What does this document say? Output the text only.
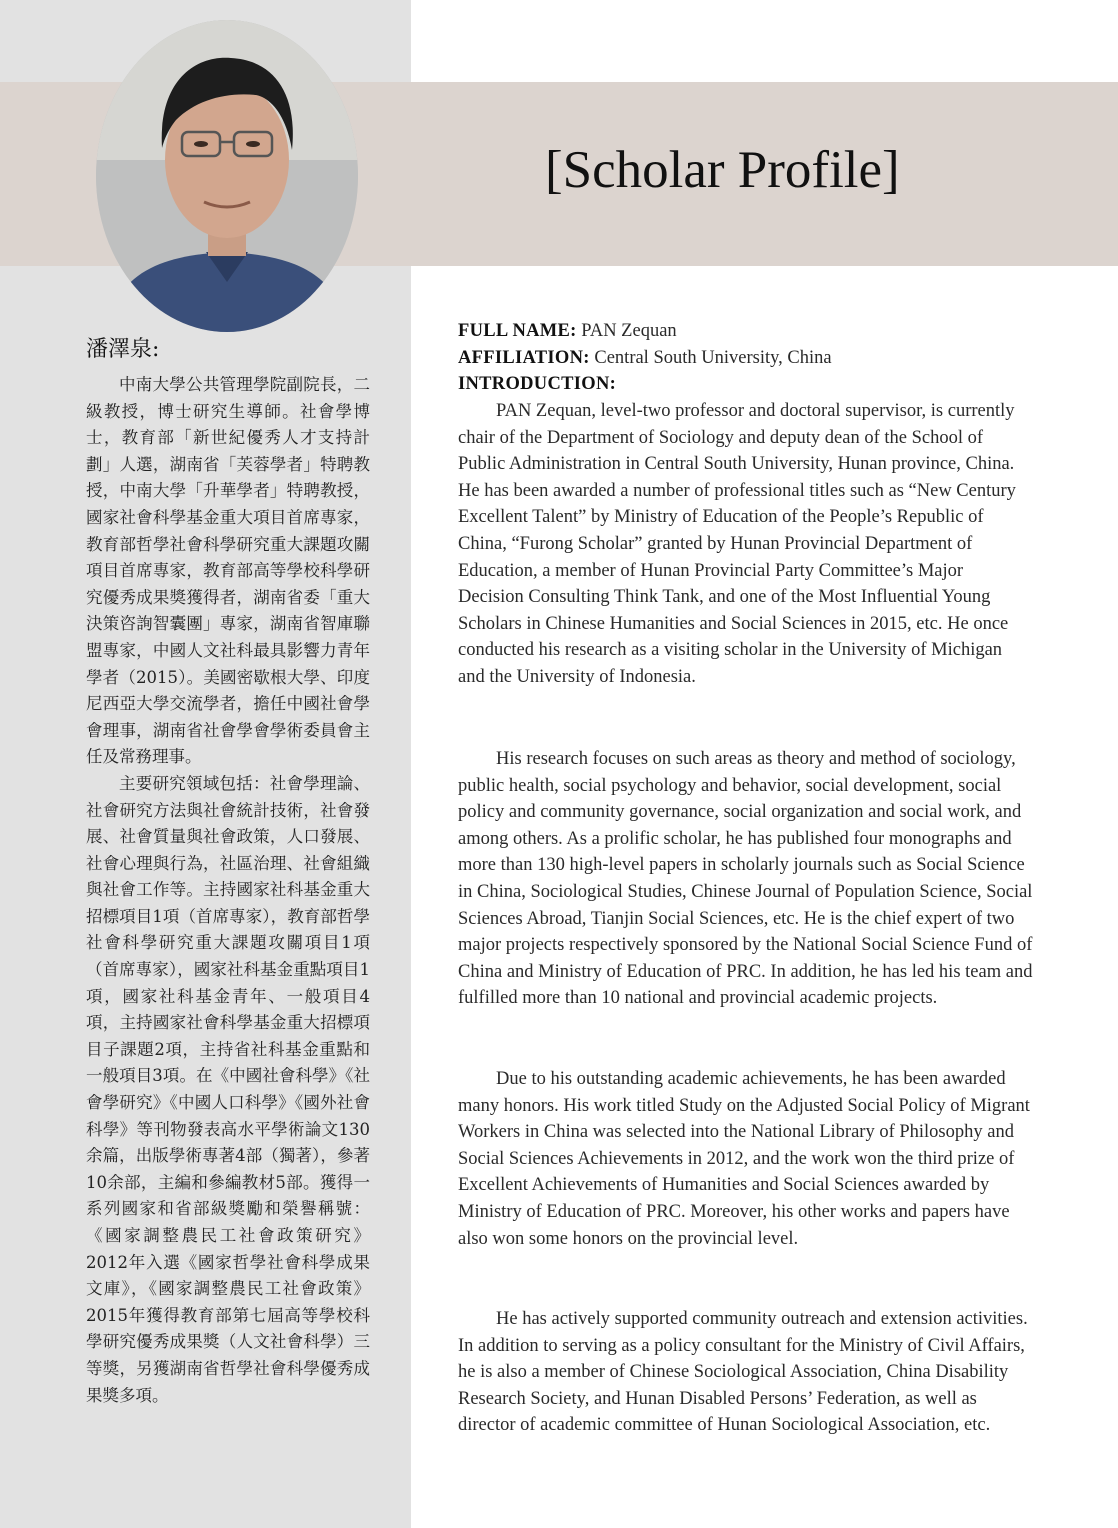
[Scholar Profile]
潘澤泉:

中南大學公共管理學院副院長，二級教授，博士研究生導師。社會學博士，教育部「新世紀優秀人才支持計劃」人選，湖南省「芙蓉學者」特聘教授，中南大學「升華學者」特聘教授，國家社會科學基金重大項目首席專家，教育部哲學社會科學研究重大課題攻關項目首席專家，教育部高等學校科學研究優秀成果獎獲得者，湖南省委「重大決策咨詢智囊團」專家，湖南省智庫聯盟專家，中國人文社科最具影響力青年學者（2015）。美國密歇根大學、印度尼西亞大學交流學者，擔任中國社會學會理事，湖南省社會學會學術委員會主任及常務理事。

主要研究領域包括：社會學理論、社會研究方法與社會統計技術，社會發展、社會質量與社會政策，人口發展、社會心理與行為，社區治理、社會組織與社會工作等。主持國家社科基金重大招標項目1項（首席專家），教育部哲學社會科學研究重大課題攻關項目1項（首席專家），國家社科基金重點項目1項，國家社科基金青年、一般項目4項，主持國家社會科學基金重大招標項目子課題2項，主持省社科基金重點和一般項目3項。在《中國社會科學》《社會學研究》《中國人口科學》《國外社會科學》等刊物發表高水平學術論文130余篇，出版學術專著4部（獨著），參著10余部，主編和參編教材5部。獲得一系列國家和省部級獎勵和榮譽稱號：《國家調整農民工社會政策研究》2012年入選《國家哲學社會科學成果文庫》，《國家調整農民工社會政策》2015年獲得教育部第七屆高等學校科學研究優秀成果獎（人文社會科學）三等獎，另獲湖南省哲學社會科學優秀成果獎多項。

FULL NAME: PAN Zequan

AFFILIATION: Central South University, China

INTRODUCTION:

PAN Zequan, level-two professor and doctoral supervisor, is currently chair of the Department of Sociology and deputy dean of the School of Public Administration in Central South University, Hunan province, China. He has been awarded a number of professional titles such as “New Century Excellent Talent” by Ministry of Education of the People’s Republic of China, “Furong Scholar” granted by Hunan Provincial Department of Education, a member of Hunan Provincial Party Committee’s Major Decision Consulting Think Tank, and one of the Most Influential Young Scholars in Chinese Humanities and Social Sciences in 2015, etc. He once conducted his research as a visiting scholar in the University of Michigan and the University of Indonesia.

His research focuses on such areas as theory and method of sociology, public health, social psychology and behavior, social development, social policy and community governance, social organization and social work, and among others. As a prolific scholar, he has published four monographs and more than 130 high-level papers in scholarly journals such as Social Science in China, Sociological Studies, Chinese Journal of Population Science, Social Sciences Abroad, Tianjin Social Sciences, etc. He is the chief expert of two major projects respectively sponsored by the National Social Science Fund of China and Ministry of Education of PRC. In addition, he has led his team and fulfilled more than 10 national and provincial academic projects.

Due to his outstanding academic achievements, he has been awarded many honors. His work titled Study on the Adjusted Social Policy of Migrant Workers in China was selected into the National Library of Philosophy and Social Sciences Achievements in 2012, and the work won the third prize of Excellent Achievements of Humanities and Social Sciences awarded by Ministry of Education of PRC. Moreover, his other works and papers have also won some honors on the provincial level.

He has actively supported community outreach and extension activities. In addition to serving as a policy consultant for the Ministry of Civil Affairs, he is also a member of Chinese Sociological Association, China Disability Research Society, and Hunan Disabled Persons’ Federation, as well as director of academic committee of Hunan Sociological Association, etc.
